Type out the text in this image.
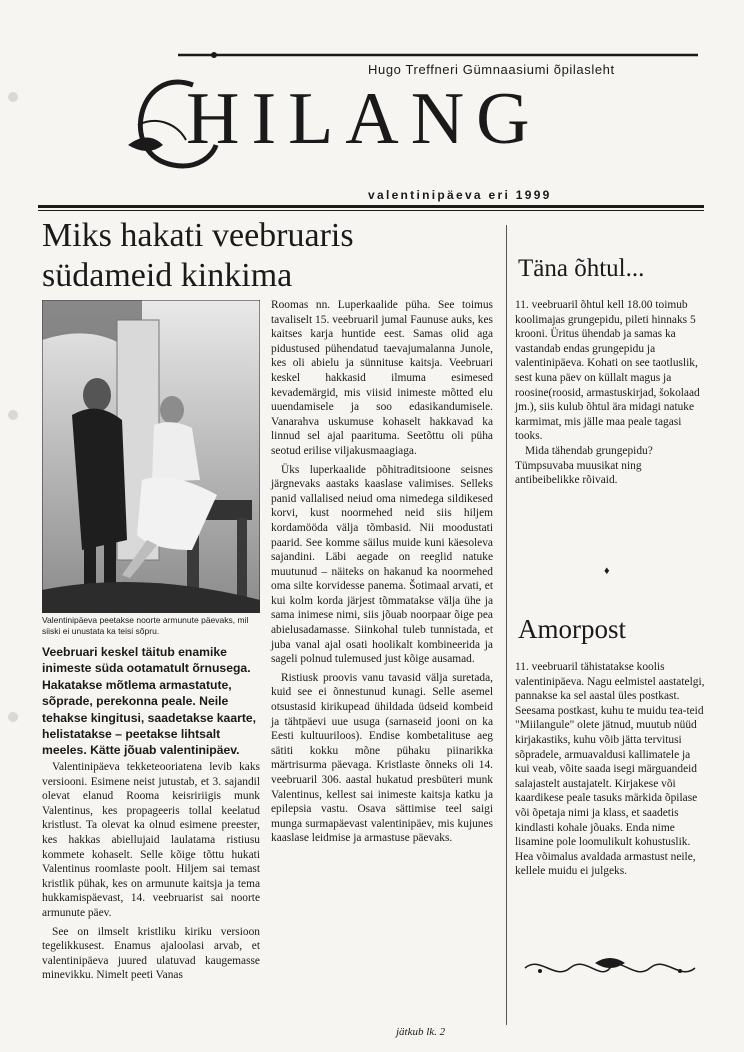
Hugo Treffneri Gümnaasiumi õpilasleht
HILANG
valentinipäeva eri 1999
Miks hakati veebruaris
südameid kinkima
Valentinipäeva peetakse noorte armunute päevaks, mil siiski ei unustata ka teisi sõpru.
Veebruari keskel täitub enamike inimeste süda ootamatult õrnusega. Hakatakse mõtlema armastatute, sõprade, perekonna peale. Neile tehakse kingitusi, saadetakse kaarte, helistatakse – peetakse lihtsalt meeles. Kätte jõuab valentinipäev.

Valentinipäeva tekketeooriatena levib kaks versiooni. Esimene neist jutustab, et 3. sajandil olevat elanud Rooma keisririigis munk Valentinus, kes propageeris tollal keelatud kristlust. Ta olevat ka olnud esimene preester, kes hakkas abiellujaid laulatama ristiusu kommete kohaselt. Selle kõige tõttu hukati Valentinus roomlaste poolt. Hiljem sai temast kristlik pühak, kes on armunute kaitsja ja tema hukkamispäevast, 14. veebruarist sai noorte armunute päev.

See on ilmselt kristliku kiriku versioon tegelikkusest. Enamus ajaloolasi arvab, et valentinipäeva juured ulatuvad kaugemasse minevikku. Nimelt peeti Vanas

Roomas nn. Luperkaalide püha. See toimus tavaliselt 15. veebruaril jumal Faunuse auks, kes kaitses karja huntide eest. Samas olid aga pidustused pühendatud taevajumalanna Junole, kes oli abielu ja sünnituse kaitsja. Veebruari keskel hakkasid ilmuma esimesed kevademärgid, mis viisid inimeste mõtted elu uuendamisele ja soo edasikandumisele. Vanarahva uskumuse kohaselt hakkavad ka linnud sel ajal paarituma. Seetõttu oli püha seotud erilise viljakusmaagiaga.

Üks luperkaalide põhitraditsioone seisnes järgnevaks aastaks kaaslase valimises. Selleks panid vallalised neiud oma nimedega sildikesed korvi, kust noormehed neid siis hiljem kordamööda välja tõmbasid. Nii moodustati paarid. See komme säilus muide kuni käesoleva sajandini. Läbi aegade on reeglid natuke muutunud – näiteks on hakanud ka noormehed oma silte korvidesse panema. Šotimaal arvati, et kui kolm korda järjest tõmmatakse välja ühe ja sama inimese nimi, siis jõuab noorpaar õige pea abielusadamasse. Siinkohal tuleb tunnistada, et juba vanal ajal osati hoolikalt kombineerida ja sageli polnud tulemused just kõige ausamad.

Ristiusk proovis vanu tavasid välja suretada, kuid see ei õnnestunud kunagi. Selle asemel otsustasid kirikupead ühildada üdseid kombeid ja tähtpäevi uue usuga (sarnaseid jooni on ka Eesti kultuuriloos). Endise kombetalituse aeg sätiti kokku mõne pühaku piinarikka märtrisurma päevaga. Kristlaste õnneks oli 14. veebruaril 306. aastal hukatud presbüteri munk Valentinus, kellest sai inimeste kaitsja katku ja epilepsia vastu. Osava sättimise teel saigi munga surmapäevast valentinipäev, mis kujunes kaaslase leidmise ja armastuse päevaks.

jätkub lk. 2
Täna õhtul...

11. veebruaril õhtul kell 18.00 toimub koolimajas grungepidu, pileti hinnaks 5 krooni. Üritus ühendab ja samas ka vastandab endas grungepidu ja valentinipäeva. Kohati on see taotluslik, sest kuna päev on küllalt magus ja roosine(roosid, armastuskirjad, šokolaad jm.), siis kulub õhtul ära midagi natuke karmimat, mis jälle maa peale tagasi tooks.

Mida tähendab grungepidu? Tümpsuvaba muusikat ning antibeibelikke rõivaid.

♦
Amorpost

11. veebruaril tähistatakse koolis valentinipäeva. Nagu eelmistel aastatelgi, pannakse ka sel aastal üles postkast. Seesama postkast, kuhu te muidu tea-teid "Miilangule" olete jätnud, muutub nüüd kirjakastiks, kuhu võib jätta tervitusi sõpradele, armuavaldusi kallimatele ja kui veab, võite saada isegi märguandeid salajastelt austajatelt. Kirjakese või kaardikese peale tasuks märkida õpilase või õpetaja nimi ja klass, et saadetis kindlasti kohale jõuaks. Enda nime lisamine pole loomulikult kohustuslik. Hea võimalus avaldada armastust neile, kellele muidu ei julgeks.
